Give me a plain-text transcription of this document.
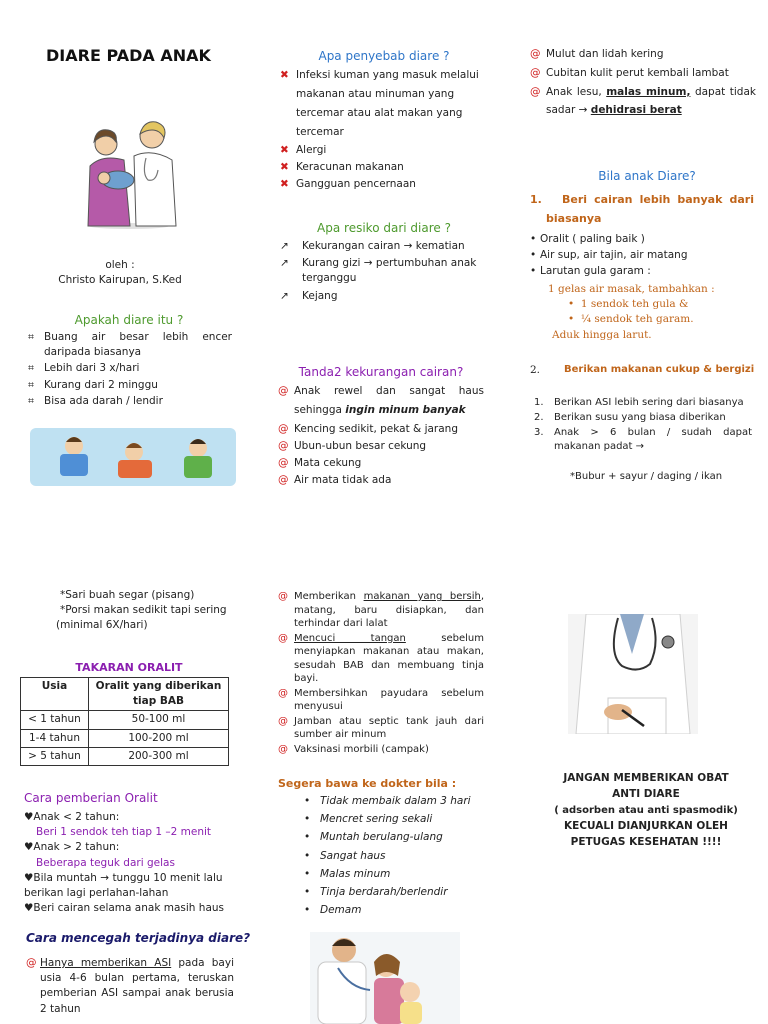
DIARE PADA ANAK
oleh :
Christo Kairupan, S.Ked
Apakah diare itu ?
⌗ Buang air besar lebih encer daripada biasanya
⌗ Lebih dari 3 x/hari
⌗ Kurang dari 2 minggu
⌗ Bisa ada darah / lendir
*Sari buah segar (pisang)
*Porsi makan sedikit tapi sering
(minimal 6X/hari)
TAKARAN ORALIT
Usia	Oralit yang diberikan tiap BAB
< 1 tahun	50-100 ml
1-4 tahun	100-200 ml
> 5 tahun	200-300 ml
Cara pemberian Oralit
♥Anak < 2 tahun:
Beri 1 sendok teh tiap 1 –2 menit
♥Anak > 2 tahun:
Beberapa teguk dari gelas
♥Bila muntah → tunggu 10 menit lalu berikan lagi perlahan-lahan
♥Beri cairan selama anak masih haus
Cara mencegah terjadinya diare?
@ Hanya memberikan ASI pada bayi usia 4-6 bulan pertama, teruskan pemberian ASI sampai anak berusia 2 tahun
Apa penyebab diare ?
✖ Infeksi kuman yang masuk melalui makanan atau minuman yang tercemar atau alat makan yang tercemar
✖ Alergi
✖ Keracunan makanan
✖ Gangguan pencernaan
Apa resiko dari diare ?
↗	Kekurangan cairan → kematian
↗	Kurang gizi → pertumbuhan anak terganggu
↗	Kejang
Tanda2 kekurangan cairan?
@ Anak rewel dan sangat haus sehingga ingin minum banyak
@ Kencing sedikit, pekat & jarang
@ Ubun-ubun besar cekung
@ Mata cekung
@ Air mata tidak ada
@ Memberikan makanan yang bersih, matang, baru disiapkan, dan terhindar dari lalat
@ Mencuci tangan sebelum menyiapkan makanan atau makan, sesudah BAB dan membuang tinja bayi.
@ Membersihkan payudara sebelum menyusui
@ Jamban atau septic tank jauh dari sumber air minum
@ Vaksinasi morbili (campak)
Segera bawa ke dokter bila :
• Tidak membaik dalam 3 hari
• Mencret sering sekali
• Muntah berulang-ulang
• Sangat haus
• Malas minum
• Tinja berdarah/berlendir
• Demam
@ Mulut dan lidah kering
@ Cubitan kulit perut kembali lambat
@ Anak lesu, malas minum, dapat tidak sadar → dehidrasi berat
Bila anak Diare?
1. Beri cairan lebih banyak dari biasanya
• Oralit ( paling baik )
• Air sup, air tajin, air matang
• Larutan gula garam :
1 gelas air masak, tambahkan :
•  1 sendok teh gula &
•  ¼ sendok teh garam.
Aduk hingga larut.
2.	Berikan makanan cukup & bergizi
1. Berikan ASI lebih sering dari biasanya
2. Berikan susu yang biasa diberikan
3. Anak > 6 bulan / sudah dapat makanan padat →
*Bubur + sayur / daging / ikan
JANGAN MEMBERIKAN OBAT ANTI DIARE
( adsorben atau anti spasmodik)
KECUALI DIANJURKAN OLEH PETUGAS KESEHATAN !!!!
